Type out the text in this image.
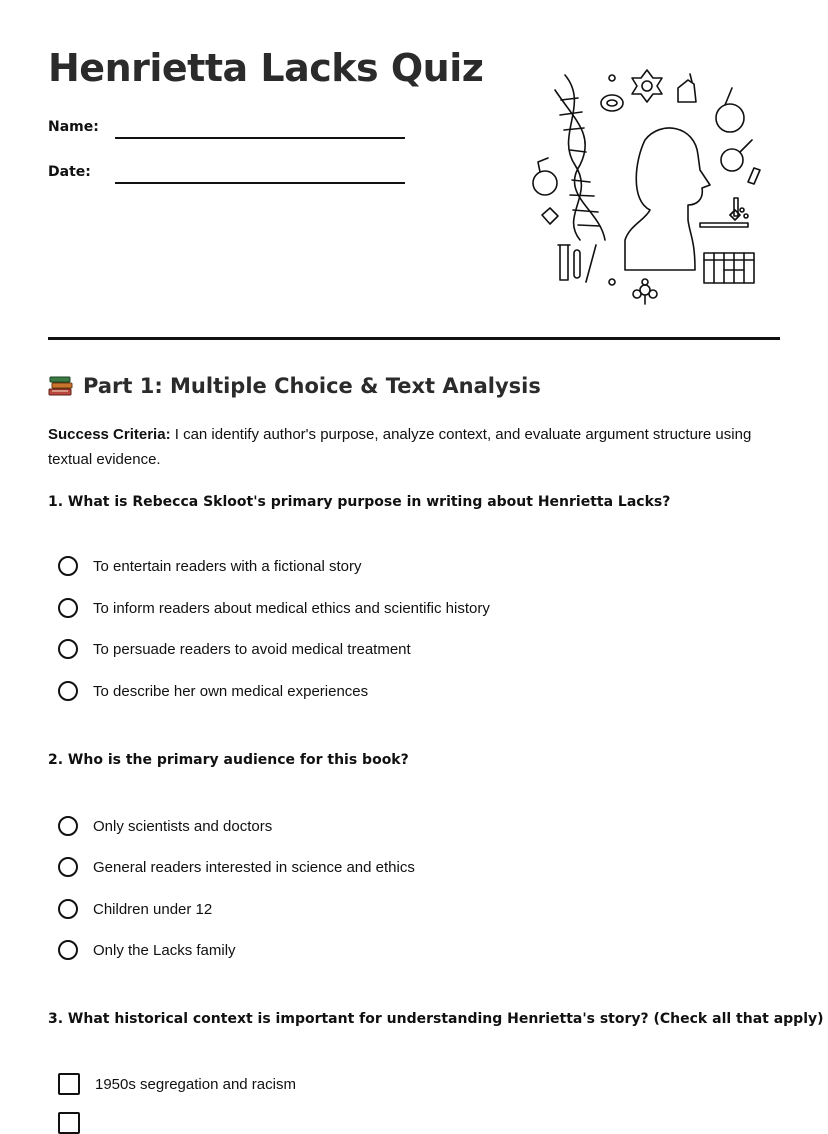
Henrietta Lacks Quiz
Name:
Date:
Part 1: Multiple Choice & Text Analysis

Success Criteria: I can identify author's purpose, analyze context, and evaluate argument structure using textual evidence.

1. What is Rebecca Skloot's primary purpose in writing about Henrietta Lacks?

To entertain readers with a fictional story
To inform readers about medical ethics and scientific history
To persuade readers to avoid medical treatment
To describe her own medical experiences

2. Who is the primary audience for this book?

Only scientists and doctors
General readers interested in science and ethics
Children under 12
Only the Lacks family

3. What historical context is important for understanding Henrietta's story? (Check all that apply)

1950s segregation and racism
